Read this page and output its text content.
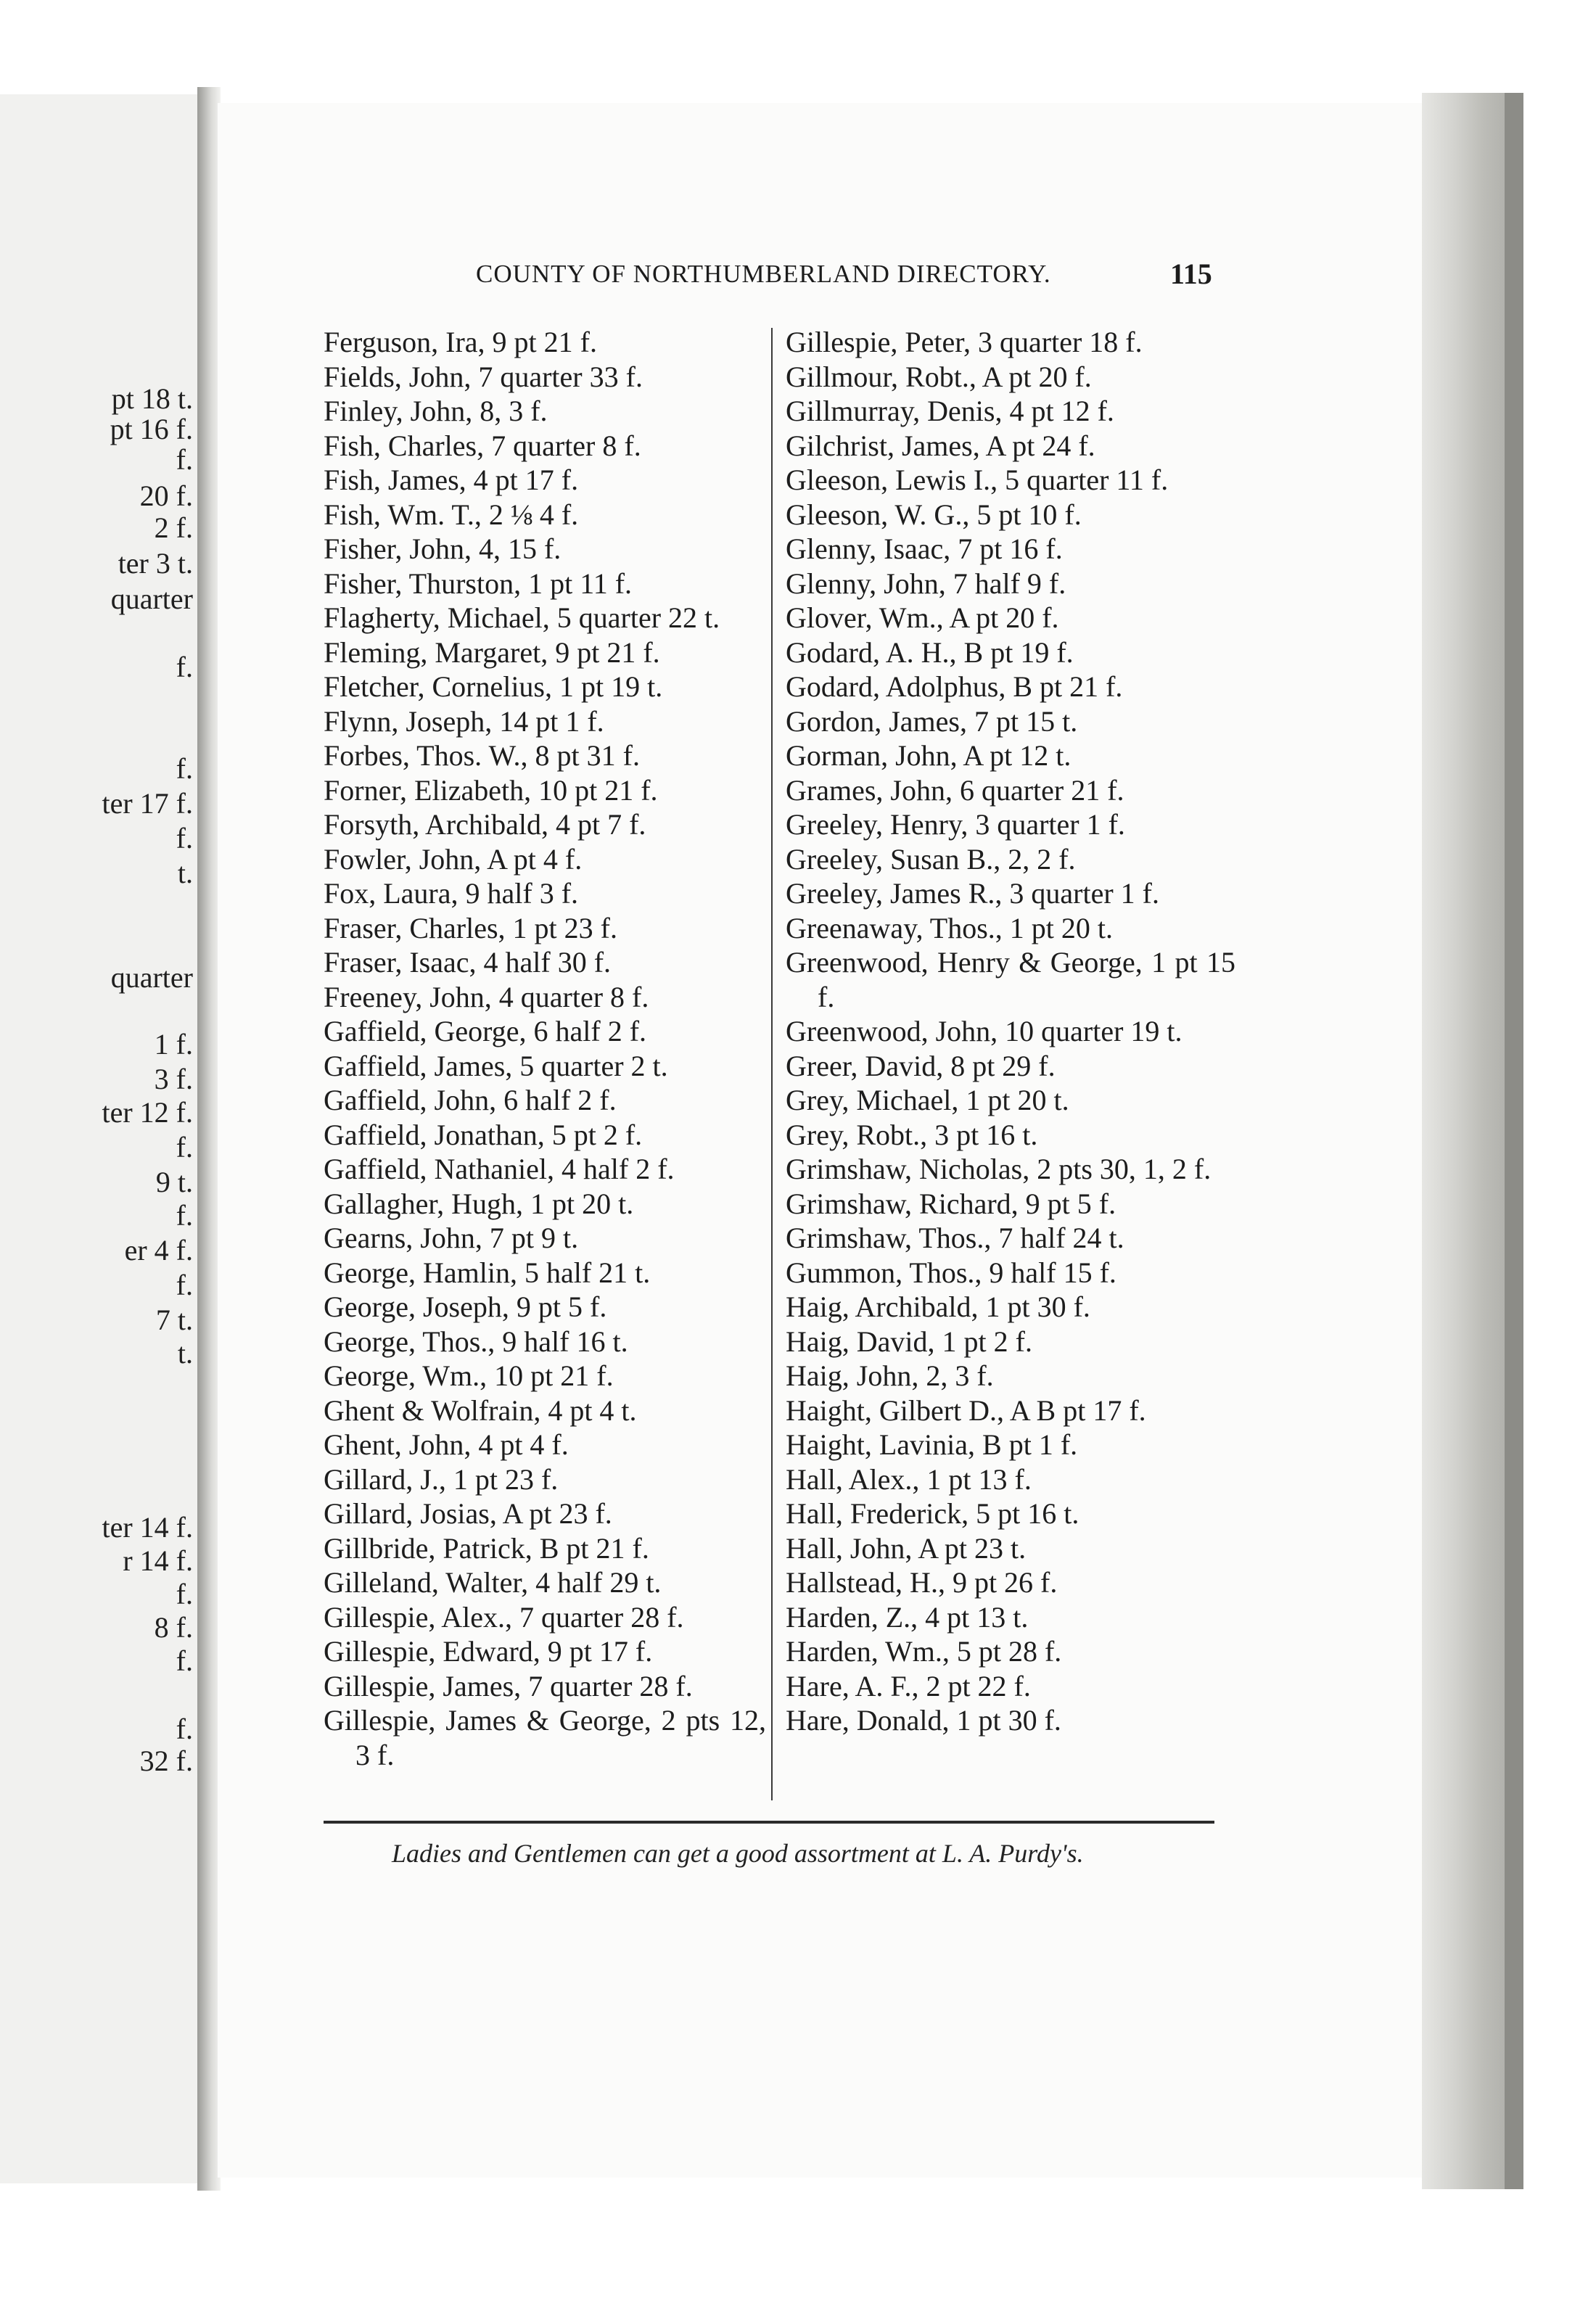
pt 18 t.
pt 16 f.
f.
20 f.
2 f.
ter 3 t.
quarter
f.
f.
ter 17 f.
f.
t.
quarter
1 f.
3 f.
ter 12 f.
f.
9 t.
f.
er 4 f.
f.
7 t.
t.
ter 14 f.
r 14 f.
f.
8 f.
f.
f.
32 f.
COUNTY OF NORTHUMBERLAND DIRECTORY.	115
Ferguson, Ira, 9 pt 21 f.
Fields, John, 7 quarter 33 f.
Finley, John, 8, 3 f.
Fish, Charles, 7 quarter 8 f.
Fish, James, 4 pt 17 f.
Fish, Wm. T., 2 ⅛ 4 f.
Fisher, John, 4, 15 f.
Fisher, Thurston, 1 pt 11 f.
Flagherty, Michael, 5 quarter 22 t.
Fleming, Margaret, 9 pt 21 f.
Fletcher, Cornelius, 1 pt 19 t.
Flynn, Joseph, 14 pt 1 f.
Forbes, Thos. W., 8 pt 31 f.
Forner, Elizabeth, 10 pt 21 f.
Forsyth, Archibald, 4 pt 7 f.
Fowler, John, A pt 4 f.
Fox, Laura, 9 half 3 f.
Fraser, Charles, 1 pt 23 f.
Fraser, Isaac, 4 half 30 f.
Freeney, John, 4 quarter 8 f.
Gaffield, George, 6 half 2 f.
Gaffield, James, 5 quarter 2 t.
Gaffield, John, 6 half 2 f.
Gaffield, Jonathan, 5 pt 2 f.
Gaffield, Nathaniel, 4 half 2 f.
Gallagher, Hugh, 1 pt 20 t.
Gearns, John, 7 pt 9 t.
George, Hamlin, 5 half 21 t.
George, Joseph, 9 pt 5 f.
George, Thos., 9 half 16 t.
George, Wm., 10 pt 21 f.
Ghent & Wolfrain, 4 pt 4 t.
Ghent, John, 4 pt 4 f.
Gillard, J., 1 pt 23 f.
Gillard, Josias, A pt 23 f.
Gillbride, Patrick, B pt 21 f.
Gilleland, Walter, 4 half 29 t.
Gillespie, Alex., 7 quarter 28 f.
Gillespie, Edward, 9 pt 17 f.
Gillespie, James, 7 quarter 28 f.
Gillespie, James & George, 2 pts 12, 3 f.
Gillespie, Peter, 3 quarter 18 f.
Gillmour, Robt., A pt 20 f.
Gillmurray, Denis, 4 pt 12 f.
Gilchrist, James, A pt 24 f.
Gleeson, Lewis I., 5 quarter 11 f.
Gleeson, W. G., 5 pt 10 f.
Glenny, Isaac, 7 pt 16 f.
Glenny, John, 7 half 9 f.
Glover, Wm., A pt 20 f.
Godard, A. H., B pt 19 f.
Godard, Adolphus, B pt 21 f.
Gordon, James, 7 pt 15 t.
Gorman, John, A pt 12 t.
Grames, John, 6 quarter 21 f.
Greeley, Henry, 3 quarter 1 f.
Greeley, Susan B., 2, 2 f.
Greeley, James R., 3 quarter 1 f.
Greenaway, Thos., 1 pt 20 t.
Greenwood, Henry & George, 1 pt 15 f.
Greenwood, John, 10 quarter 19 t.
Greer, David, 8 pt 29 f.
Grey, Michael, 1 pt 20 t.
Grey, Robt., 3 pt 16 t.
Grimshaw, Nicholas, 2 pts 30, 1, 2 f.
Grimshaw, Richard, 9 pt 5 f.
Grimshaw, Thos., 7 half 24 t.
Gummon, Thos., 9 half 15 f.
Haig, Archibald, 1 pt 30 f.
Haig, David, 1 pt 2 f.
Haig, John, 2, 3 f.
Haight, Gilbert D., A B pt 17 f.
Haight, Lavinia, B pt 1 f.
Hall, Alex., 1 pt 13 f.
Hall, Frederick, 5 pt 16 t.
Hall, John, A pt 23 t.
Hallstead, H., 9 pt 26 f.
Harden, Z., 4 pt 13 t.
Harden, Wm., 5 pt 28 f.
Hare, A. F., 2 pt 22 f.
Hare, Donald, 1 pt 30 f.
Ladies and Gentlemen can get a good assortment at L. A. Purdy's.
